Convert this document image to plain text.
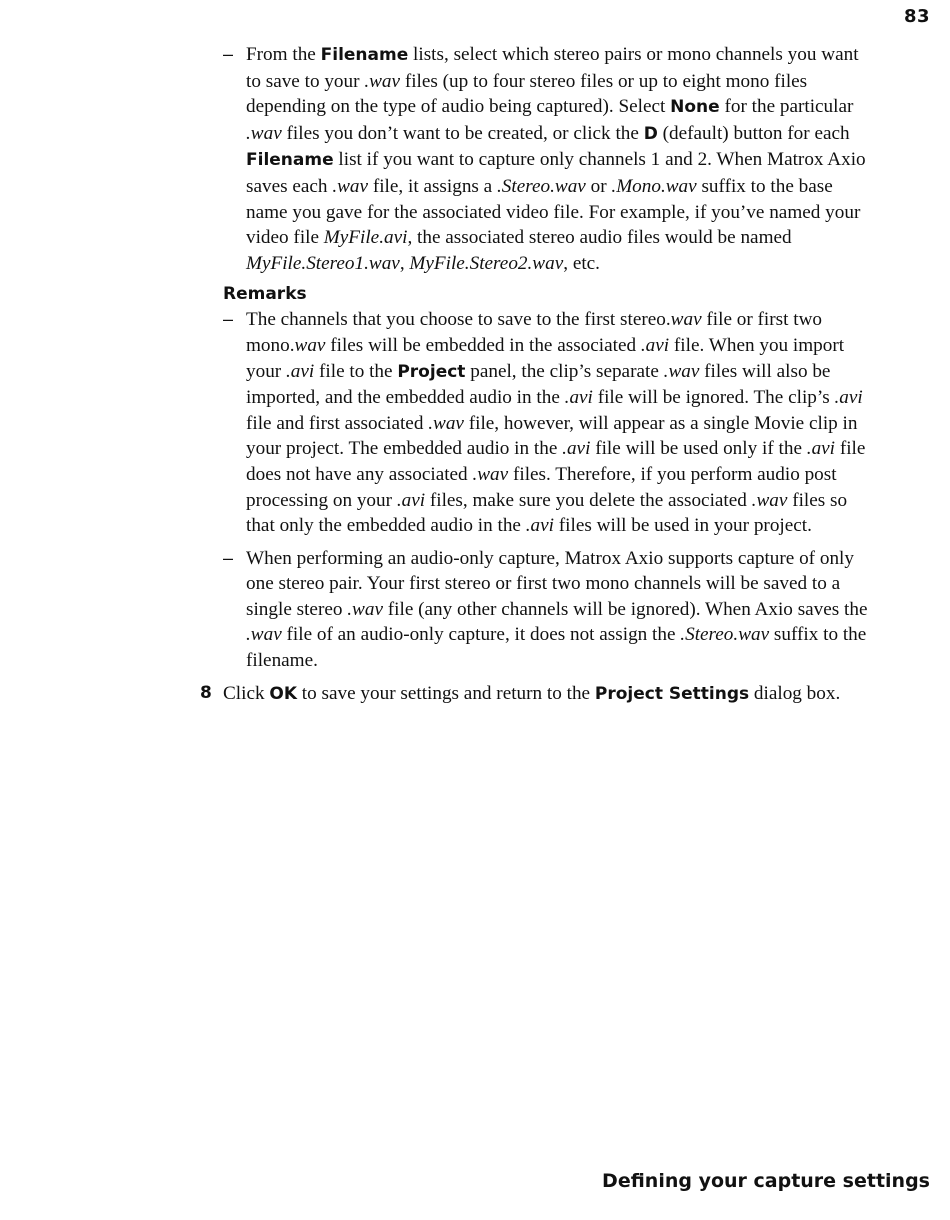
83
– From the Filename lists, select which stereo pairs or mono channels you want to save to your .wav files (up to four stereo files or up to eight mono files depending on the type of audio being captured). Select None for the particular .wav files you don’t want to be created, or click the D (default) button for each Filename list if you want to capture only channels 1 and 2. When Matrox Axio saves each .wav file, it assigns a .Stereo.wav or .Mono.wav suffix to the base name you gave for the associated video file. For example, if you’ve named your video file MyFile.avi, the associated stereo audio files would be named MyFile.Stereo1.wav, MyFile.Stereo2.wav, etc.
Remarks
– The channels that you choose to save to the first stereo.wav file or first two mono.wav files will be embedded in the associated .avi file. When you import your .avi file to the Project panel, the clip’s separate .wav files will also be imported, and the embedded audio in the .avi file will be ignored. The clip’s .avi file and first associated .wav file, however, will appear as a single Movie clip in your project. The embedded audio in the .avi file will be used only if the .avi file does not have any associated .wav files. Therefore, if you perform audio post processing on your .avi files, make sure you delete the associated .wav files so that only the embedded audio in the .avi files will be used in your project.
– When performing an audio-only capture, Matrox Axio supports capture of only one stereo pair. Your first stereo or first two mono channels will be saved to a single stereo .wav file (any other channels will be ignored). When Axio saves the .wav file of an audio-only capture, it does not assign the .Stereo.wav suffix to the filename.
8 Click OK to save your settings and return to the Project Settings dialog box.
Defining your capture settings
